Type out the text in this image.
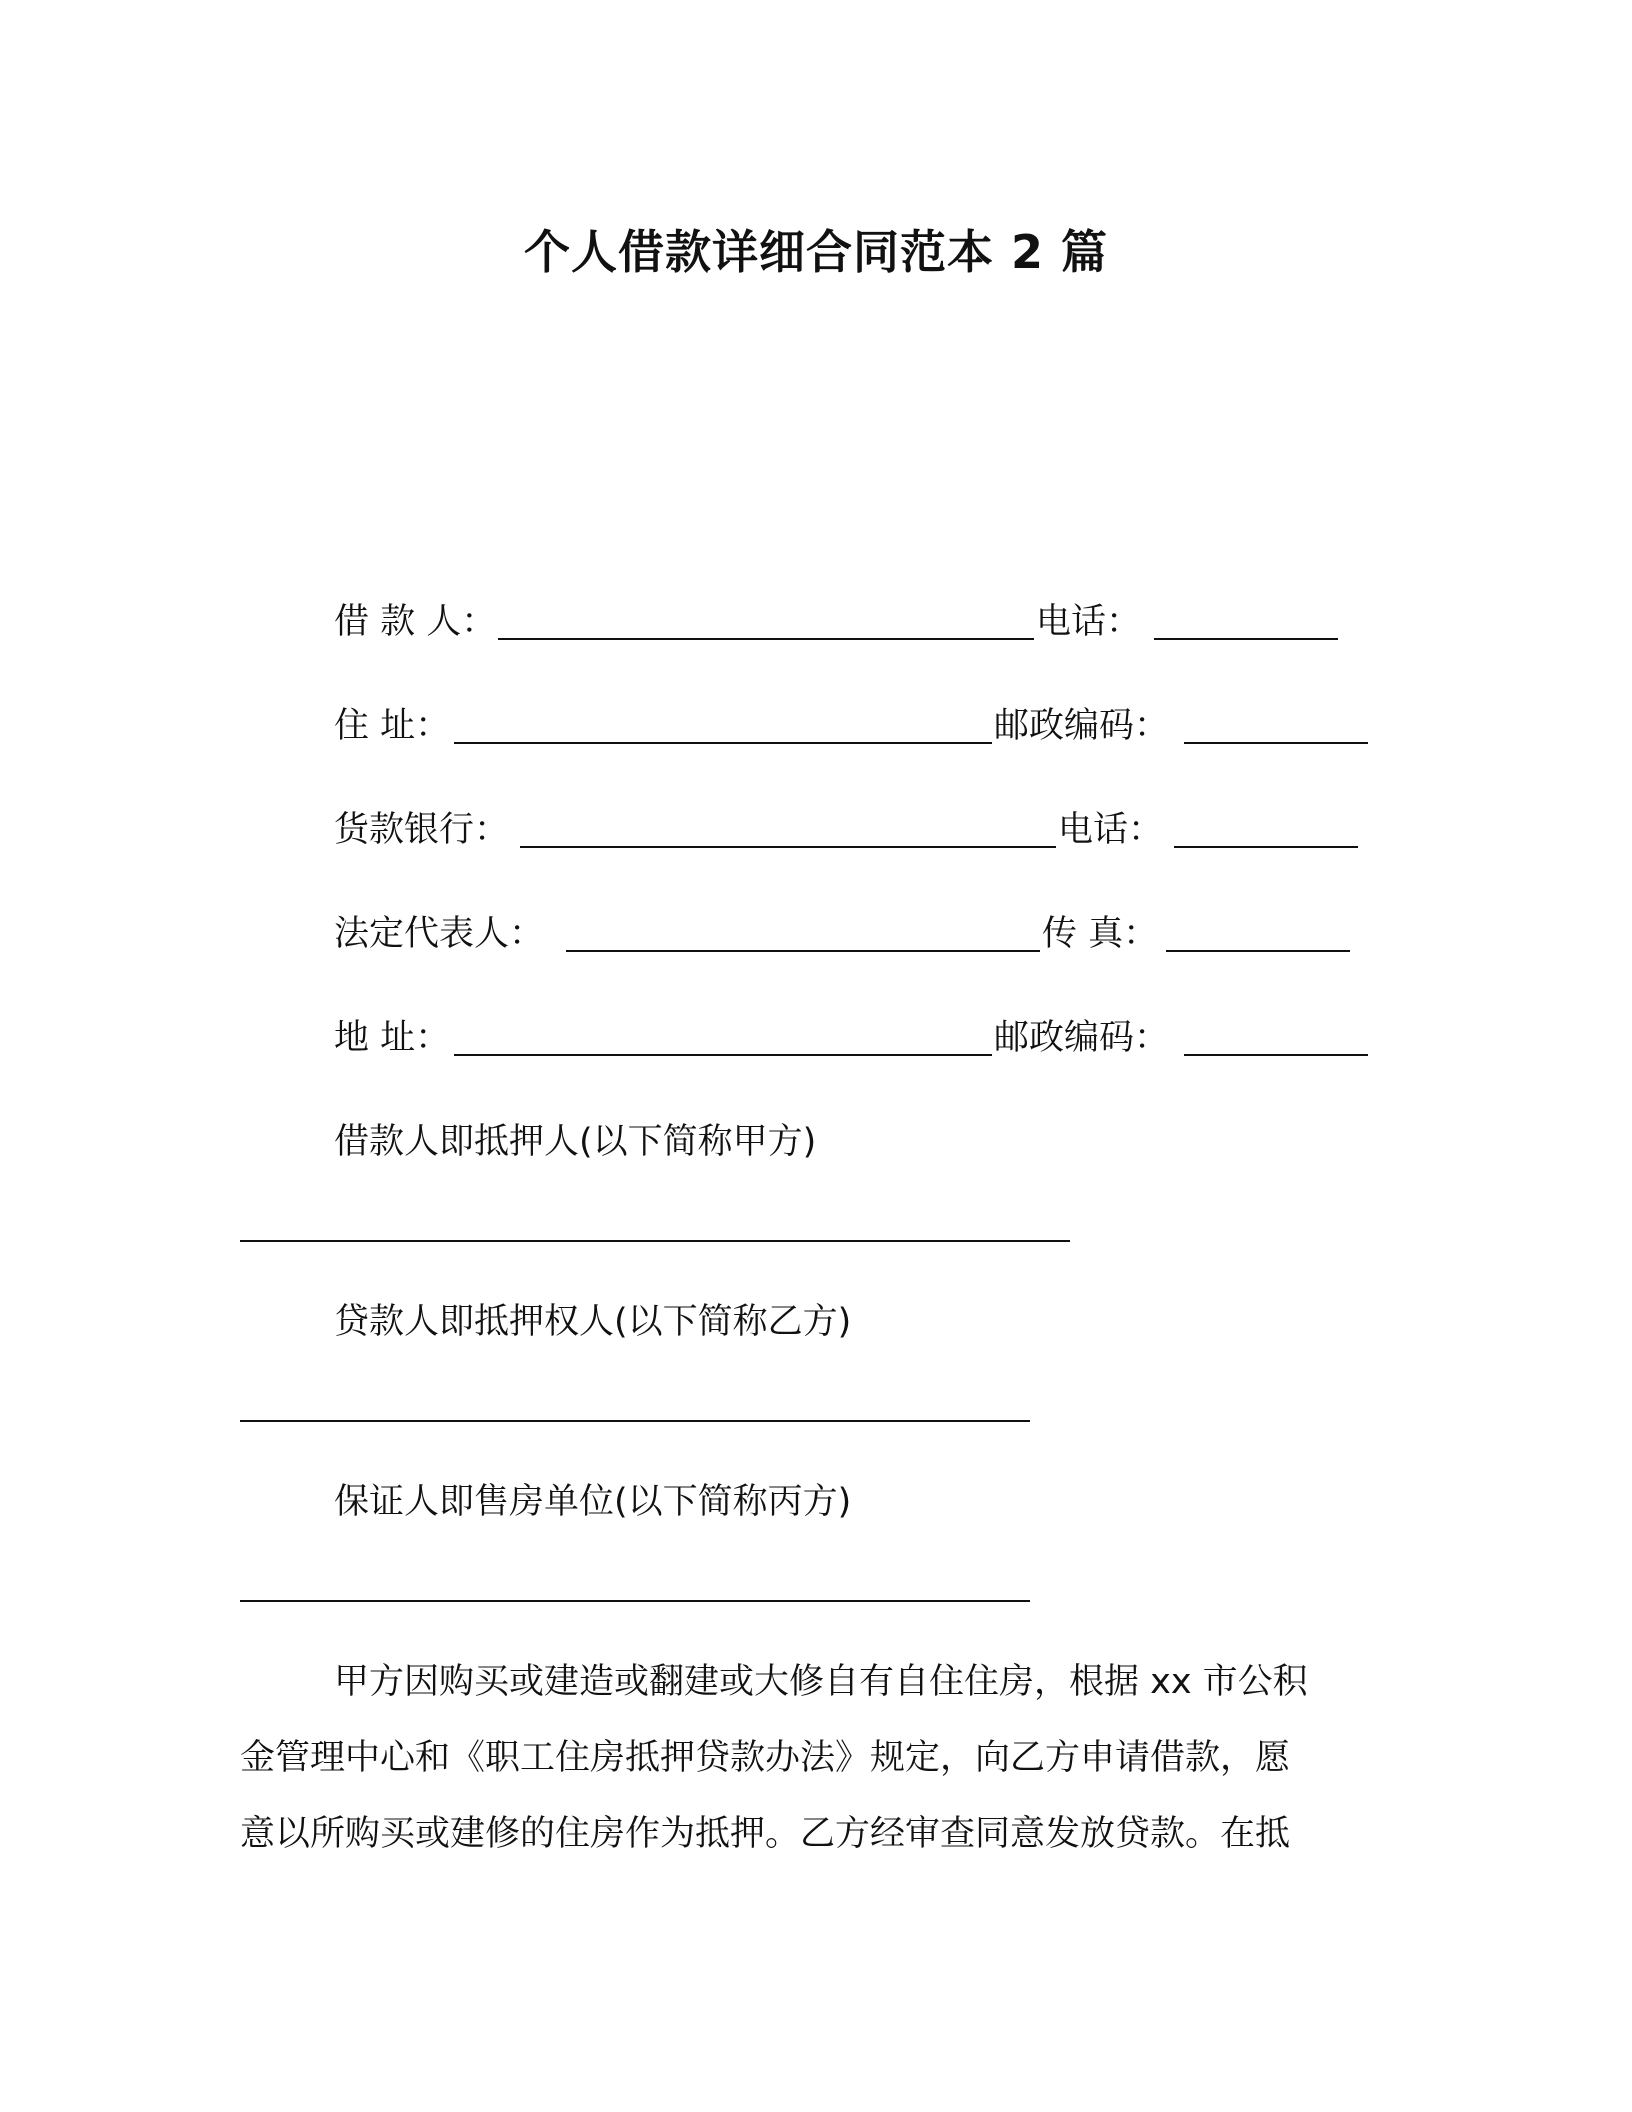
个人借款详细合同范本 2 篇
借 款 人：	电话：
住 址：	邮政编码：
货款银行：	电话：
法定代表人：	传 真：
地 址：	邮政编码：
借款人即抵押人(以下简称甲方)
贷款人即抵押权人(以下简称乙方)
保证人即售房单位(以下简称丙方)
甲方因购买或建造或翻建或大修自有自住住房，根据 xx 市公积
金管理中心和《职工住房抵押贷款办法》规定，向乙方申请借款，愿
意以所购买或建修的住房作为抵押。乙方经审查同意发放贷款。在抵
